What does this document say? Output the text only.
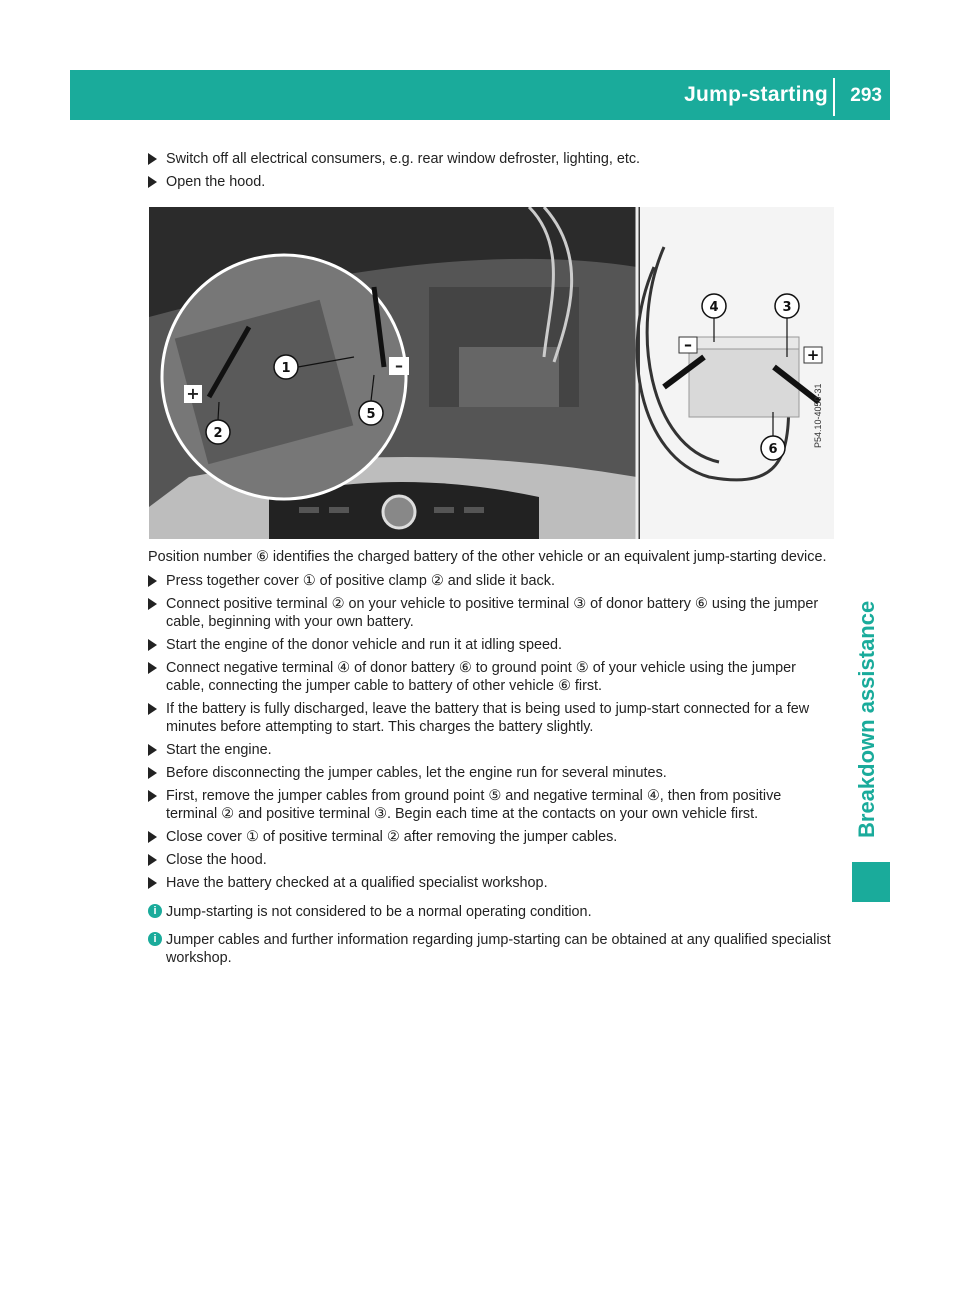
Jump-starting 293
Breakdown assistance
Switch off all electrical consumers, e.g. rear window defroster, lighting, etc.
Open the hood.
+
–
–
+
1
2
5
4	3
6
P54.10-4050-31

Position number ⑥ identifies the charged battery of the other vehicle or an equivalent jump-starting device.

Press together cover ① of positive clamp ② and slide it back.
Connect positive terminal ② on your vehicle to positive terminal ③ of donor battery ⑥ using the jumper cable, beginning with your own battery.
Start the engine of the donor vehicle and run it at idling speed.
Connect negative terminal ④ of donor battery ⑥ to ground point ⑤ of your vehicle using the jumper cable, connecting the jumper cable to battery of other vehicle ⑥ first.
If the battery is fully discharged, leave the battery that is being used to jump-start connected for a few minutes before attempting to start. This charges the battery slightly.
Start the engine.
Before disconnecting the jumper cables, let the engine run for several minutes.
First, remove the jumper cables from ground point ⑤ and negative terminal ④, then from positive terminal ② and positive terminal ③. Begin each time at the contacts on your own vehicle first.
Close cover ① of positive terminal ② after removing the jumper cables.
Close the hood.
Have the battery checked at a qualified specialist workshop.
i Jump-starting is not considered to be a normal operating condition.
i Jumper cables and further information regarding jump-starting can be obtained at any qualified specialist workshop.
